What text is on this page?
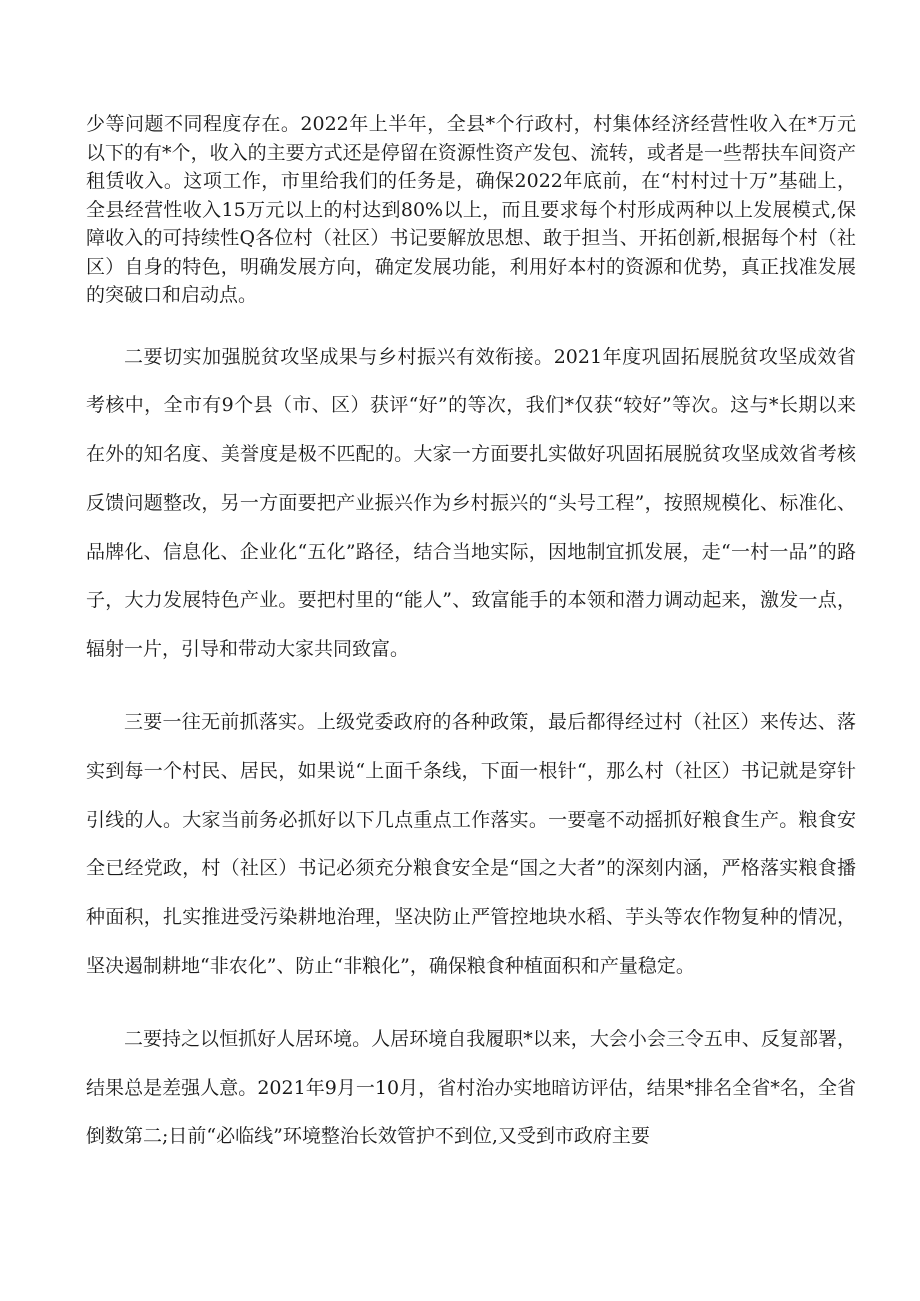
少等问题不同程度存在。2022年上半年，全县*个行政村，村集体经济经营性收入在*万元以下的有*个，收入的主要方式还是停留在资源性资产发包、流转，或者是一些帮扶车间资产租赁收入。这项工作，市里给我们的任务是，确保2022年底前，在“村村过十万”基础上，全县经营性收入15万元以上的村达到80%以上，而且要求每个村形成两种以上发展模式,保障收入的可持续性Q各位村（社区）书记要解放思想、敢于担当、开拓创新,根据每个村（社区）自身的特色，明确发展方向，确定发展功能，利用好本村的资源和优势，真正找准发展的突破口和启动点。

二要切实加强脱贫攻坚成果与乡村振兴有效衔接。2021年度巩固拓展脱贫攻坚成效省考核中，全市有9个县（市、区）获评“好”的等次，我们*仅获“较好”等次。这与*长期以来在外的知名度、美誉度是极不匹配的。大家一方面要扎实做好巩固拓展脱贫攻坚成效省考核反馈问题整改，另一方面要把产业振兴作为乡村振兴的“头号工程”，按照规模化、标准化、品牌化、信息化、企业化“五化”路径，结合当地实际，因地制宜抓发展，走“一村一品”的路子，大力发展特色产业。要把村里的“能人”、致富能手的本领和潜力调动起来，激发一点，辐射一片，引导和带动大家共同致富。

三要一往无前抓落实。上级党委政府的各种政策，最后都得经过村（社区）来传达、落实到每一个村民、居民，如果说“上面千条线，下面一根针“，那么村（社区）书记就是穿针引线的人。大家当前务必抓好以下几点重点工作落实。一要毫不动摇抓好粮食生产。粮食安全已经党政，村（社区）书记必须充分粮食安全是“国之大者”的深刻内涵，严格落实粮食播种面积，扎实推进受污染耕地治理，坚决防止严管控地块水稻、芋头等农作物复种的情况，坚决遏制耕地“非农化”、防止“非粮化”，确保粮食种植面积和产量稳定。

二要持之以恒抓好人居环境。人居环境自我履职*以来，大会小会三令五申、反复部署，结果总是差强人意。2021年9月一10月，省村治办实地暗访评估，结果*排名全省*名，全省倒数第二;日前“必临线”环境整治长效管护不到位,又受到市政府主要
